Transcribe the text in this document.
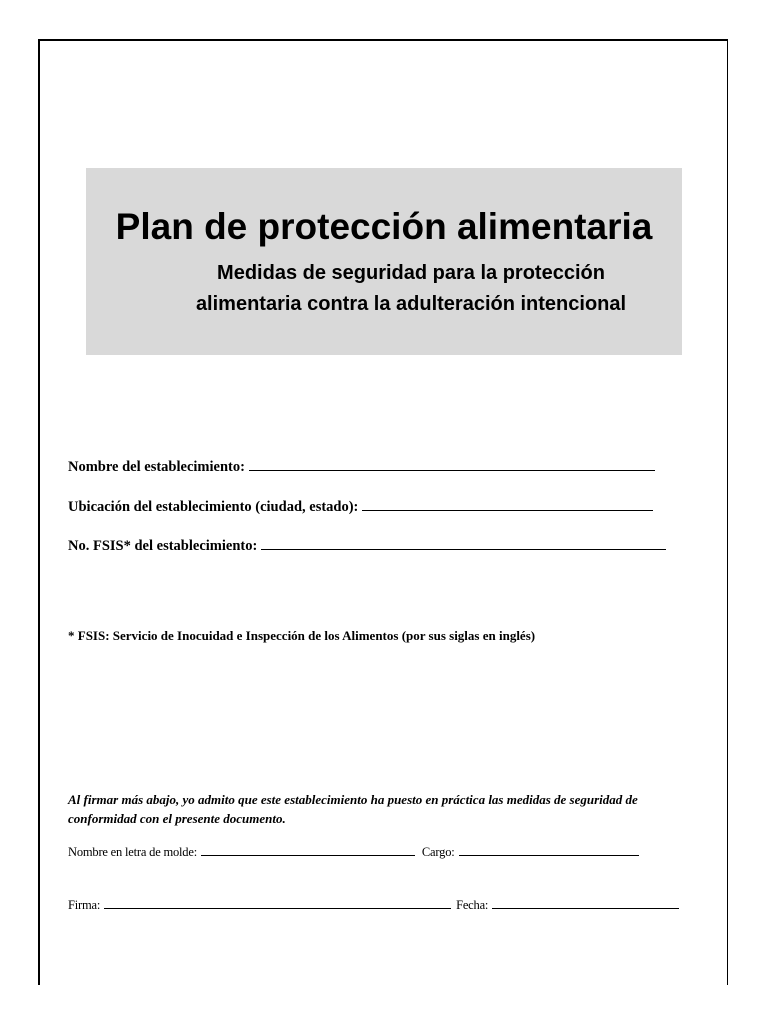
Plan de protección alimentaria

Medidas de seguridad para la protección
alimentaria contra la adulteración intencional

Nombre del establecimiento:
Ubicación del establecimiento (ciudad, estado):
No. FSIS* del establecimiento:
* FSIS: Servicio de Inocuidad e Inspección de los Alimentos (por sus siglas en inglés)

Al firmar más abajo, yo admito que este establecimiento ha puesto en práctica las medidas de seguridad de conformidad con el presente documento.

Nombre en letra de molde:	Cargo:
Firma:	Fecha:
